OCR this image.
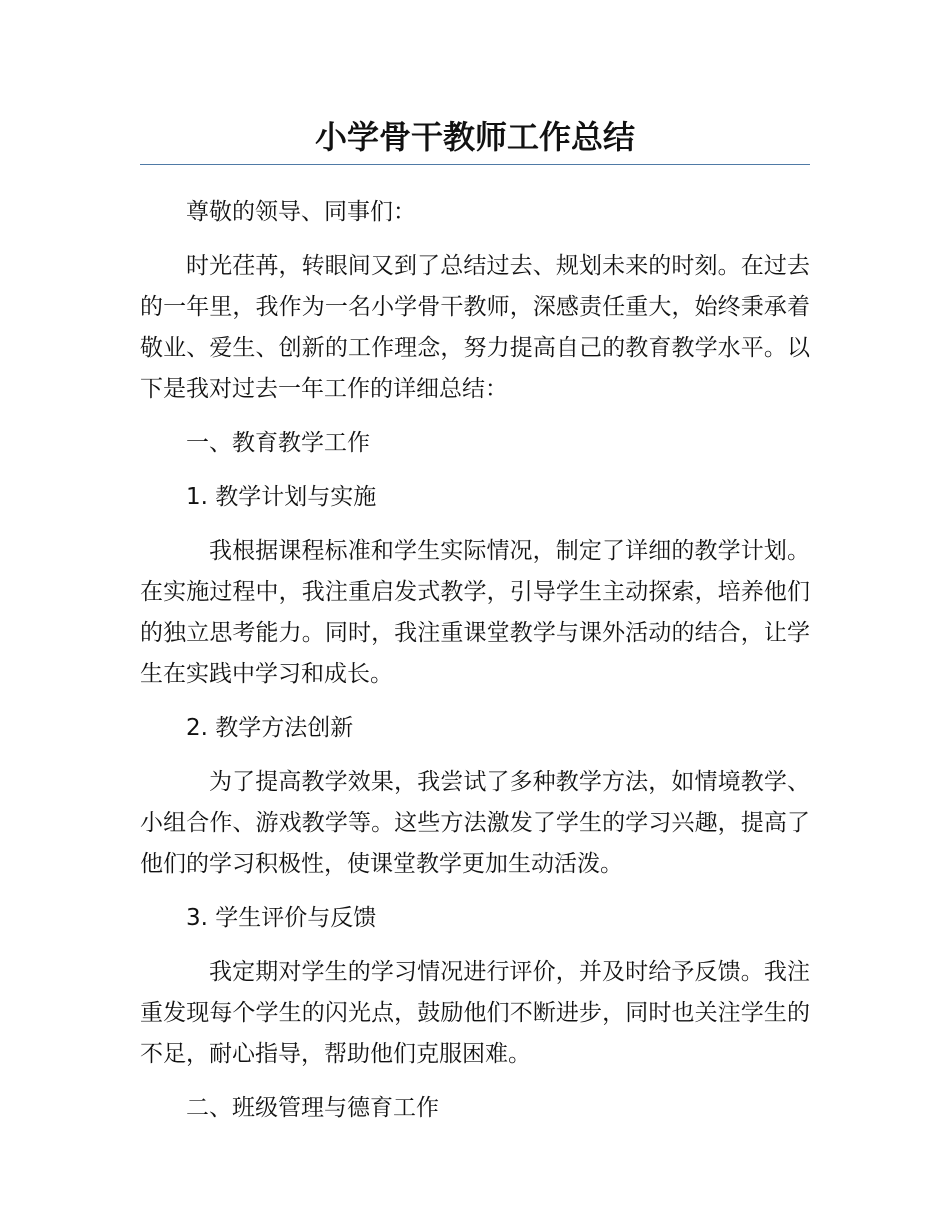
小学骨干教师工作总结

尊敬的领导、同事们：

时光荏苒，转眼间又到了总结过去、规划未来的时刻。在过去的一年里，我作为一名小学骨干教师，深感责任重大，始终秉承着敬业、爱生、创新的工作理念，努力提高自己的教育教学水平。以下是我对过去一年工作的详细总结：

一、教育教学工作

1. 教学计划与实施

我根据课程标准和学生实际情况，制定了详细的教学计划。在实施过程中，我注重启发式教学，引导学生主动探索，培养他们的独立思考能力。同时，我注重课堂教学与课外活动的结合，让学生在实践中学习和成长。

2. 教学方法创新

为了提高教学效果，我尝试了多种教学方法，如情境教学、小组合作、游戏教学等。这些方法激发了学生的学习兴趣，提高了他们的学习积极性，使课堂教学更加生动活泼。

3. 学生评价与反馈

我定期对学生的学习情况进行评价，并及时给予反馈。我注重发现每个学生的闪光点，鼓励他们不断进步，同时也关注学生的不足，耐心指导，帮助他们克服困难。

二、班级管理与德育工作
